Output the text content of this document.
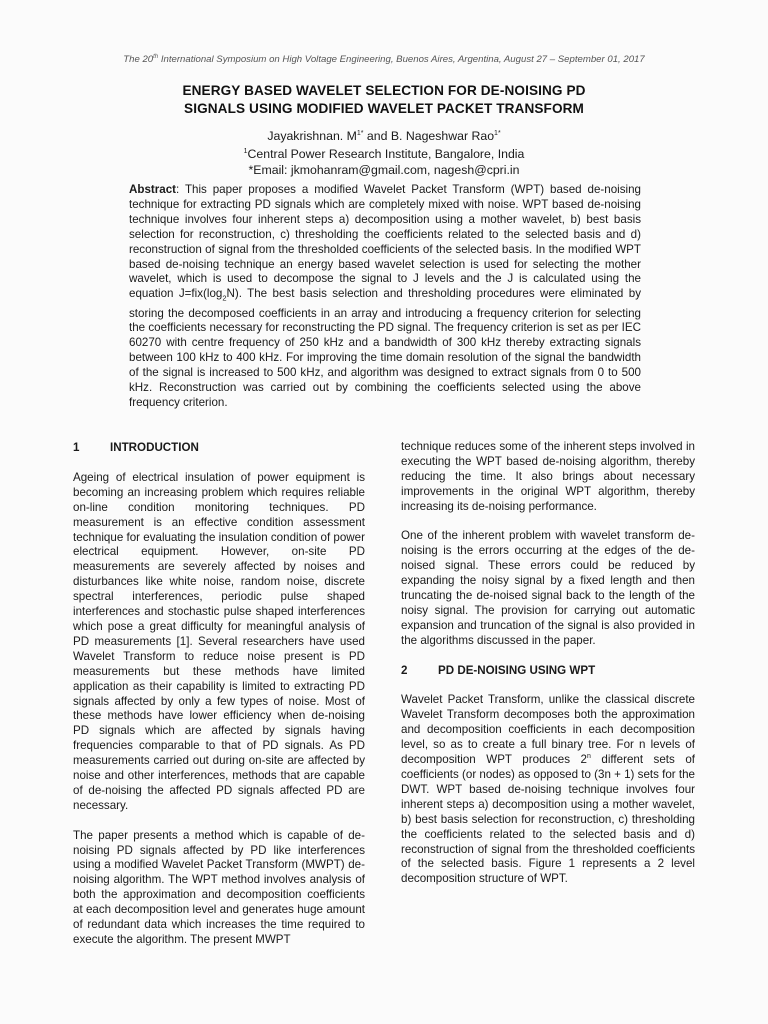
The 20th International Symposium on High Voltage Engineering, Buenos Aires, Argentina, August 27 – September 01, 2017
ENERGY BASED WAVELET SELECTION FOR DE-NOISING PD
SIGNALS USING MODIFIED WAVELET PACKET TRANSFORM
Jayakrishnan. $M^{1*}$ and B. Nageshwar Rao$^{1*}$
$^1$Central Power Research Institute, Bangalore, India
*Email: jkmohanram@gmail.com, nagesh@cpri.in
Abstract: This paper proposes a modified Wavelet Packet Transform (WPT) based de-noising technique for extracting PD signals which are completely mixed with noise. WPT based de-noising technique involves four inherent steps a) decomposition using a mother wavelet, b) best basis selection for reconstruction, c) thresholding the coefficients related to the selected basis and d) reconstruction of signal from the thresholded coefficients of the selected basis. In the modified WPT based de-noising technique an energy based wavelet selection is used for selecting the mother wavelet, which is used to decompose the signal to J levels and the J is calculated using the equation $J=fix(\log_2N)$. The best basis selection and thresholding procedures were eliminated by storing the decomposed coefficients in an array and introducing a frequency criterion for selecting the coefficients necessary for reconstructing the PD signal. The frequency criterion is set as per IEC 60270 with centre frequency of 250 kHz and a bandwidth of 300 kHz thereby extracting signals between 100 kHz to 400 kHz. For improving the time domain resolution of the signal the bandwidth of the signal is increased to 500 kHz, and algorithm was designed to extract signals from 0 to 500 kHz. Reconstruction was carried out by combining the coefficients selected using the above frequency criterion.
1	INTRODUCTION

Ageing of electrical insulation of power equipment is becoming an increasing problem which requires reliable on-line condition monitoring techniques. PD measurement is an effective condition assessment technique for evaluating the insulation condition of power electrical equipment. However, on-site PD measurements are severely affected by noises and disturbances like white noise, random noise, discrete spectral interferences, periodic pulse shaped interferences and stochastic pulse shaped interferences which pose a great difficulty for meaningful analysis of PD measurements [1]. Several researchers have used Wavelet Transform to reduce noise present is PD measurements but these methods have limited application as their capability is limited to extracting PD signals affected by only a few types of noise. Most of these methods have lower efficiency when de-noising PD signals which are affected by signals having frequencies comparable to that of PD signals. As PD measurements carried out during on-site are affected by noise and other interferences, methods that are capable of de-noising the affected PD signals affected PD are necessary.

The paper presents a method which is capable of de-noising PD signals affected by PD like interferences using a modified Wavelet Packet Transform (MWPT) de-noising algorithm. The WPT method involves analysis of both the approximation and decomposition coefficients at each decomposition level and generates huge amount of redundant data which increases the time required to execute the algorithm. The present MWPT

technique reduces some of the inherent steps involved in executing the WPT based de-noising algorithm, thereby reducing the time. It also brings about necessary improvements in the original WPT algorithm, thereby increasing its de-noising performance.

One of the inherent problem with wavelet transform de-noising is the errors occurring at the edges of the de-noised signal. These errors could be reduced by expanding the noisy signal by a fixed length and then truncating the de-noised signal back to the length of the noisy signal. The provision for carrying out automatic expansion and truncation of the signal is also provided in the algorithms discussed in the paper.

2	PD DE-NOISING USING WPT

Wavelet Packet Transform, unlike the classical discrete Wavelet Transform decomposes both the approximation and decomposition coefficients in each decomposition level, so as to create a full binary tree. For n levels of decomposition WPT produces 2$^n$ different sets of coefficients (or nodes) as opposed to (3n + 1) sets for the DWT. WPT based de-noising technique involves four inherent steps a) decomposition using a mother wavelet, b) best basis selection for reconstruction, c) thresholding the coefficients related to the selected basis and d) reconstruction of signal from the thresholded coefficients of the selected basis. Figure 1 represents a 2 level decomposition structure of WPT.
